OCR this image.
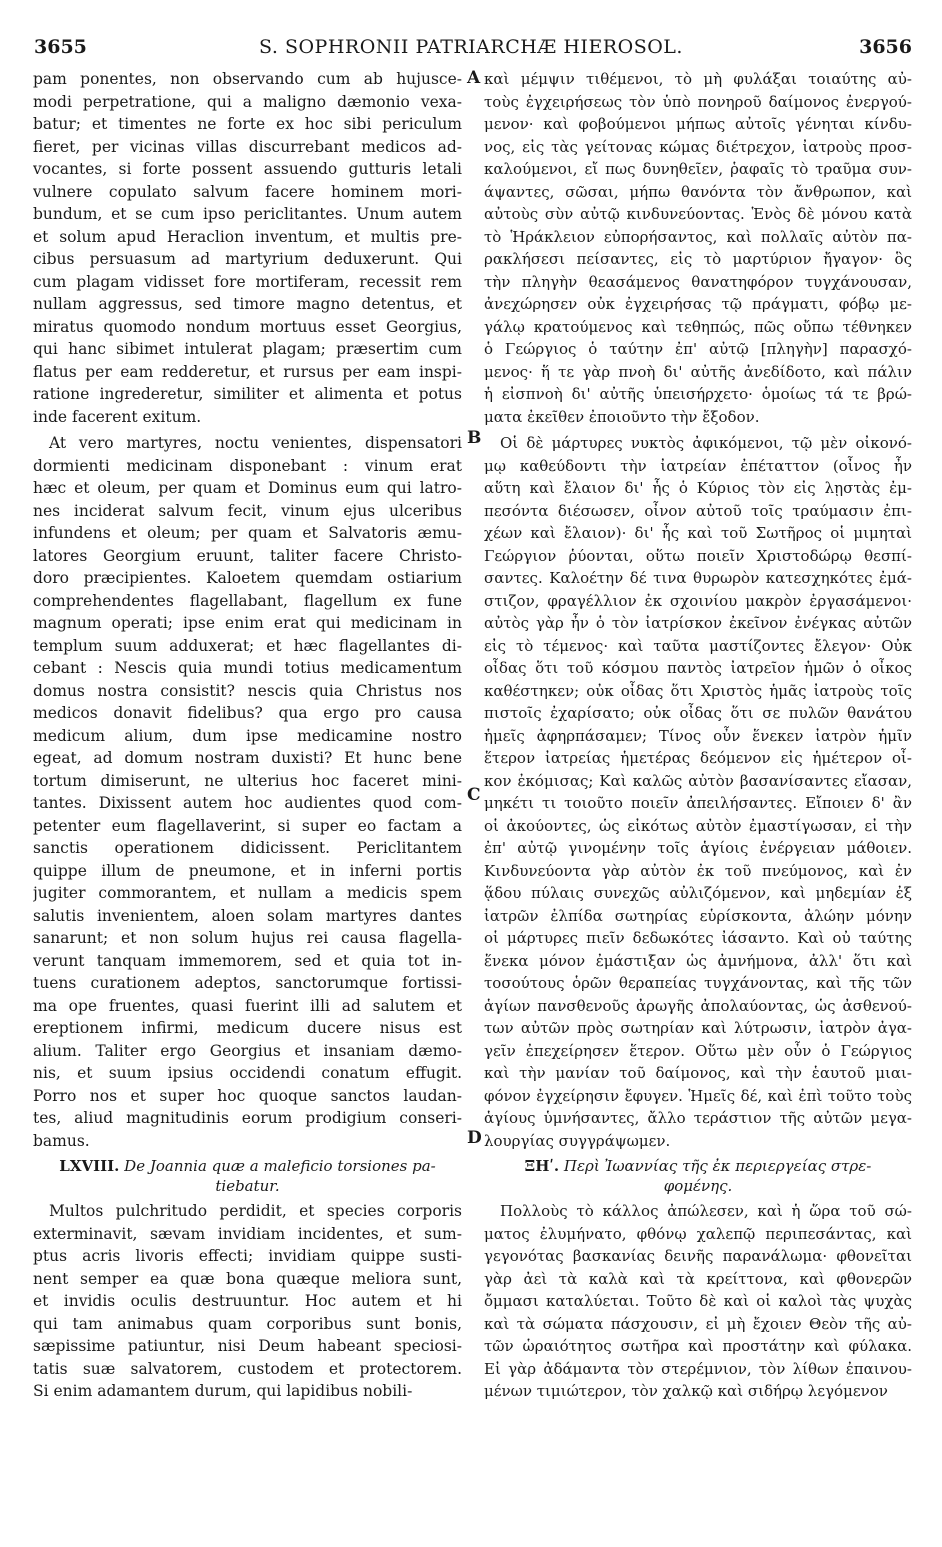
3655	S. SOPHRONII PATRIARCHÆ HIEROSOL.	3656
A
B
C
D
pam ponentes, non observando cum ab hujusce-
modi perpetratione, qui a maligno dæmonio vexa-
batur; et timentes ne forte ex hoc sibi periculum
fieret, per vicinas villas discurrebant medicos ad-
vocantes, si forte possent assuendo gutturis letali
vulnere copulato salvum facere hominem mori-
bundum, et se cum ipso periclitantes. Unum autem
et solum apud Heraclion inventum, et multis pre-
cibus persuasum ad martyrium deduxerunt. Qui
cum plagam vidisset fore mortiferam, recessit rem
nullam aggressus, sed timore magno detentus, et
miratus quomodo nondum mortuus esset Georgius,
qui hanc sibimet intulerat plagam; præsertim cum
flatus per eam redderetur, et rursus per eam inspi-
ratione ingrederetur, similiter et alimenta et potus
inde facerent exitum.
At vero martyres, noctu venientes, dispensatori
dormienti medicinam disponebant : vinum erat
hæc et oleum, per quam et Dominus eum qui latro-
nes inciderat salvum fecit, vinum ejus ulceribus
infundens et oleum; per quam et Salvatoris æmu-
latores Georgium eruunt, taliter facere Christo-
doro præcipientes. Kaloetem quemdam ostiarium
comprehendentes flagellabant, flagellum ex fune
magnum operati; ipse enim erat qui medicinam in
templum suum adduxerat; et hæc flagellantes di-
cebant : Nescis quia mundi totius medicamentum
domus nostra consistit? nescis quia Christus nos
medicos donavit fidelibus? qua ergo pro causa
medicum alium, dum ipse medicamine nostro
egeat, ad domum nostram duxisti? Et hunc bene
tortum dimiserunt, ne ulterius hoc faceret mini-
tantes. Dixissent autem hoc audientes quod com-
petenter eum flagellaverint, si super eo factam a
sanctis operationem didicissent. Periclitantem
quippe illum de pneumone, et in inferni portis
jugiter commorantem, et nullam a medicis spem
salutis invenientem, aloen solam martyres dantes
sanarunt; et non solum hujus rei causa flagella-
verunt tanquam immemorem, sed et quia tot in-
tuens curationem adeptos, sanctorumque fortissi-
ma ope fruentes, quasi fuerint illi ad salutem et
ereptionem infirmi, medicum ducere nisus est
alium. Taliter ergo Georgius et insaniam dæmo-
nis, et suum ipsius occidendi conatum effugit.
Porro nos et super hoc quoque sanctos laudan-
tes, aliud magnitudinis eorum prodigium conseri-
bamus.
LXVIII. De Joannia quæ a maleficio torsiones pa-
tiebatur.
Multos pulchritudo perdidit, et species corporis
exterminavit, sævam invidiam incidentes, et sum-
ptus acris livoris effecti; invidiam quippe susti-
nent semper ea quæ bona quæque meliora sunt,
et invidis oculis destruuntur. Hoc autem et hi
qui tam animabus quam corporibus sunt bonis,
sæpissime patiuntur, nisi Deum habeant speciosi-
tatis suæ salvatorem, custodem et protectorem.
Si enim adamantem durum, qui lapidibus nobili-
καὶ μέμψιν τιθέμενοι, τὸ μὴ φυλάξαι τοιαύτης αὐ-
τοὺς ἐγχειρήσεως τὸν ὑπὸ πονηροῦ δαίμονος ἐνεργού-
μενον· καὶ φοβούμενοι μήπως αὐτοῖς γένηται κίνδυ-
νος, εἰς τὰς γείτονας κώμας διέτρεχον, ἰατροὺς προσ-
καλούμενοι, εἴ πως δυνηθεῖεν, ῥαφαῖς τὸ τραῦμα συν-
άψαντες, σῶσαι, μήπω θανόντα τὸν ἄνθρωπον, καὶ
αὐτοὺς σὺν αὐτῷ κινδυνεύοντας. Ἑνὸς δὲ μόνου κατὰ
τὸ Ἡράκλειον εὐπορήσαντος, καὶ πολλαῖς αὐτὸν πα-
ρακλήσεσι πείσαντες, εἰς τὸ μαρτύριον ἤγαγον· ὃς
τὴν πληγὴν θεασάμενος θανατηφόρον τυγχάνουσαν,
ἀνεχώρησεν οὐκ ἐγχειρήσας τῷ πράγματι, φόβῳ με-
γάλῳ κρατούμενος καὶ τεθηπώς, πῶς οὔπω τέθνηκεν
ὁ Γεώργιος ὁ ταύτην ἐπ' αὐτῷ [πληγὴν] παρασχό-
μενος· ἥ τε γὰρ πνοὴ δι' αὐτῆς ἀνεδίδοτο, καὶ πάλιν
ἡ εἰσπνοὴ δι' αὐτῆς ὑπεισήρχετο· ὁμοίως τά τε βρώ-
ματα ἐκεῖθεν ἐποιοῦντο τὴν ἔξοδον.
Οἱ δὲ μάρτυρες νυκτὸς ἀφικόμενοι, τῷ μὲν οἰκονό-
μῳ καθεύδοντι τὴν ἰατρείαν ἐπέταττον (οἶνος ἦν
αὕτη καὶ ἔλαιον δι' ἧς ὁ Κύριος τὸν εἰς λῃστὰς ἐμ-
πεσόντα διέσωσεν, οἶνον αὐτοῦ τοῖς τραύμασιν ἐπι-
χέων καὶ ἔλαιον)· δι' ἧς καὶ τοῦ Σωτῆρος οἱ μιμηταὶ
Γεώργιον ῥύονται, οὕτω ποιεῖν Χριστοδώρῳ θεσπί-
σαντες. Καλοέτην δέ τινα θυρωρὸν κατεσχηκότες ἐμά-
στιζον, φραγέλλιον ἐκ σχοινίου μακρὸν ἐργασάμενοι·
αὐτὸς γὰρ ἦν ὁ τὸν ἰατρίσκον ἐκεῖνον ἐνέγκας αὐτῶν
εἰς τὸ τέμενος· καὶ ταῦτα μαστίζοντες ἔλεγον· Οὐκ
οἶδας ὅτι τοῦ κόσμου παντὸς ἰατρεῖον ἡμῶν ὁ οἶκος
καθέστηκεν; οὐκ οἶδας ὅτι Χριστὸς ἡμᾶς ἰατροὺς τοῖς
πιστοῖς ἐχαρίσατο; οὐκ οἶδας ὅτι σε πυλῶν θανάτου
ἡμεῖς ἀφηρπάσαμεν; Τίνος οὖν ἕνεκεν ἰατρὸν ἡμῖν
ἕτερον ἰατρείας ἡμετέρας δεόμενον εἰς ἡμέτερον οἶ-
κον ἐκόμισας; Καὶ καλῶς αὐτὸν βασανίσαντες εἴασαν,
μηκέτι τι τοιοῦτο ποιεῖν ἀπειλήσαντες. Εἴποιεν δ' ἂν
οἱ ἀκούοντες, ὡς εἰκότως αὐτὸν ἐμαστίγωσαν, εἰ τὴν
ἐπ' αὐτῷ γινομένην τοῖς ἁγίοις ἐνέργειαν μάθοιεν.
Κινδυνεύοντα γὰρ αὐτὸν ἐκ τοῦ πνεύμονος, καὶ ἐν
ᾅδου πύλαις συνεχῶς αὐλιζόμενον, καὶ μηδεμίαν ἐξ
ἰατρῶν ἐλπίδα σωτηρίας εὑρίσκοντα, ἀλώην μόνην
οἱ μάρτυρες πιεῖν δεδωκότες ἰάσαντο. Καὶ οὐ ταύτης
ἕνεκα μόνον ἐμάστιξαν ὡς ἀμνήμονα, ἀλλ' ὅτι καὶ
τοσούτους ὁρῶν θεραπείας τυγχάνοντας, καὶ τῆς τῶν
ἁγίων πανσθενοῦς ἀρωγῆς ἀπολαύοντας, ὡς ἀσθενού-
των αὐτῶν πρὸς σωτηρίαν καὶ λύτρωσιν, ἰατρὸν ἀγα-
γεῖν ἐπεχείρησεν ἕτερον. Οὕτω μὲν οὖν ὁ Γεώργιος
καὶ τὴν μανίαν τοῦ δαίμονος, καὶ τὴν ἑαυτοῦ μιαι-
φόνον ἐγχείρησιν ἔφυγεν. Ἡμεῖς δέ, καὶ ἐπὶ τοῦτο τοὺς
ἁγίους ὑμνήσαντες, ἄλλο τεράστιον τῆς αὐτῶν μεγα-
λουργίας συγγράψωμεν.
ΞΗʹ. Περὶ Ἰωαννίας τῆς ἐκ περιεργείας στρε-
φομένης.
Πολλοὺς τὸ κάλλος ἀπώλεσεν, καὶ ἡ ὥρα τοῦ σώ-
ματος ἐλυμήνατο, φθόνῳ χαλεπῷ περιπεσάντας, καὶ
γεγονότας βασκανίας δεινῆς παρανάλωμα· φθονεῖται
γὰρ ἀεὶ τὰ καλὰ καὶ τὰ κρείττονα, καὶ φθονερῶν
ὄμμασι καταλύεται. Τοῦτο δὲ καὶ οἱ καλοὶ τὰς ψυχὰς
καὶ τὰ σώματα πάσχουσιν, εἰ μὴ ἔχοιεν Θεὸν τῆς αὐ-
τῶν ὡραιότητος σωτῆρα καὶ προστάτην καὶ φύλακα.
Εἰ γὰρ ἀδάμαντα τὸν στερέμνιον, τὸν λίθων ἐπαινου-
μένων τιμιώτερον, τὸν χαλκῷ καὶ σιδήρῳ λεγόμενον
